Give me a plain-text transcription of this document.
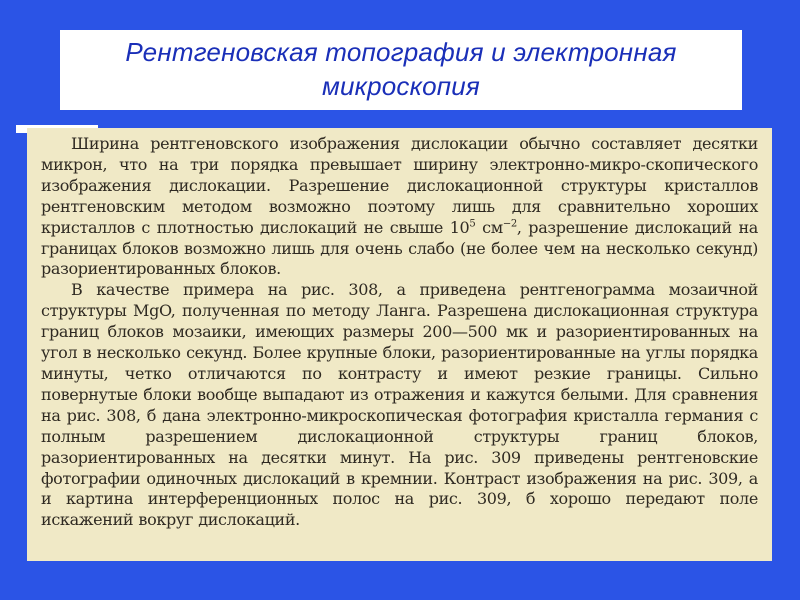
Рентгеновская топография и электронная
микроскопия

Ширина рентгеновского изображения дислокации обычно составляет десятки микрон, что на три порядка превышает ширину электронно-микро-скопического изображения дислокации. Разрешение дислокационной структуры кристаллов рентгеновским методом возможно поэтому лишь для сравнительно хороших кристаллов с плотностью дислокаций не свыше $10^5$ $см^{-2}$, разрешение дислокаций на границах блоков возможно лишь для очень слабо (не более чем на несколько секунд) разориентированных блоков.

В качестве примера на рис. 308, а приведена рентгенограмма мозаичной структуры MgO, полученная по методу Ланга. Разрешена дислокационная структура границ блоков мозаики, имеющих размеры 200—500 мк и разориентированных на угол в несколько секунд. Более крупные блоки, разориентированные на углы порядка минуты, четко отличаются по контрасту и имеют резкие границы. Сильно повернутые блоки вообще выпадают из отражения и кажутся белыми. Для сравнения на рис. 308, б дана электронно-микроскопическая фотография кристалла германия с полным разрешением дислокационной структуры границ блоков, разориентированных на десятки минут. На рис. 309 приведены рентгеновские фотографии одиночных дислокаций в кремнии. Контраст изображения на рис. 309, а и картина интерференционных полос на рис. 309, б хорошо передают поле искажений вокруг дислокаций.
